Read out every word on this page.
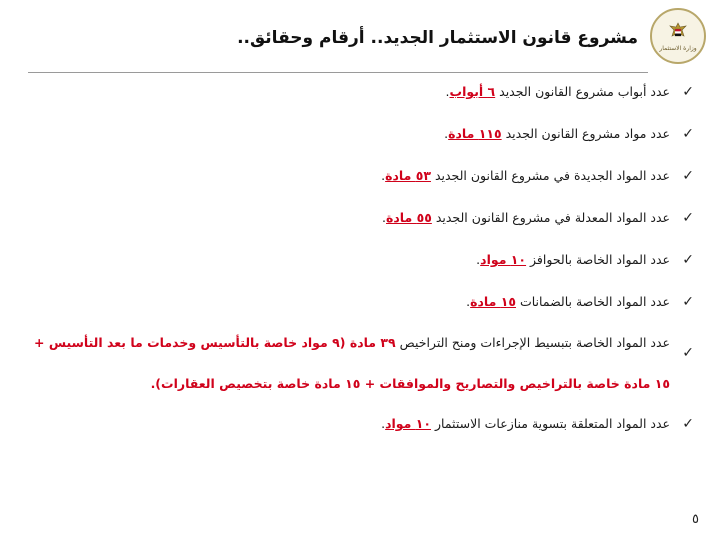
وزارة الاستثمار
مشروع قانون الاستثمار الجديد.. أرقام وحقائق..
✓
عدد أبواب مشروع القانون الجديد ٦ أبواب.
✓
عدد مواد مشروع القانون الجديد ١١٥ مادة.
✓
عدد المواد الجديدة في مشروع القانون الجديد ٥٣ مادة.
✓
عدد المواد المعدلة في مشروع القانون الجديد ٥٥ مادة.
✓
عدد المواد الخاصة بالحوافز ١٠ مواد.
✓
عدد المواد الخاصة بالضمانات ١٥ مادة.
✓
عدد المواد الخاصة بتبسيط الإجراءات ومنح التراخيص ٣٩ مادة (٩ مواد خاصة بالتأسيس وخدمات ما بعد التأسيس + ١٥ مادة خاصة بالتراخيص والتصاريح والموافقات + ١٥ مادة خاصة بتخصيص العقارات).
✓
عدد المواد المتعلقة بتسوية منازعات الاستثمار ١٠ مواد.
٥
